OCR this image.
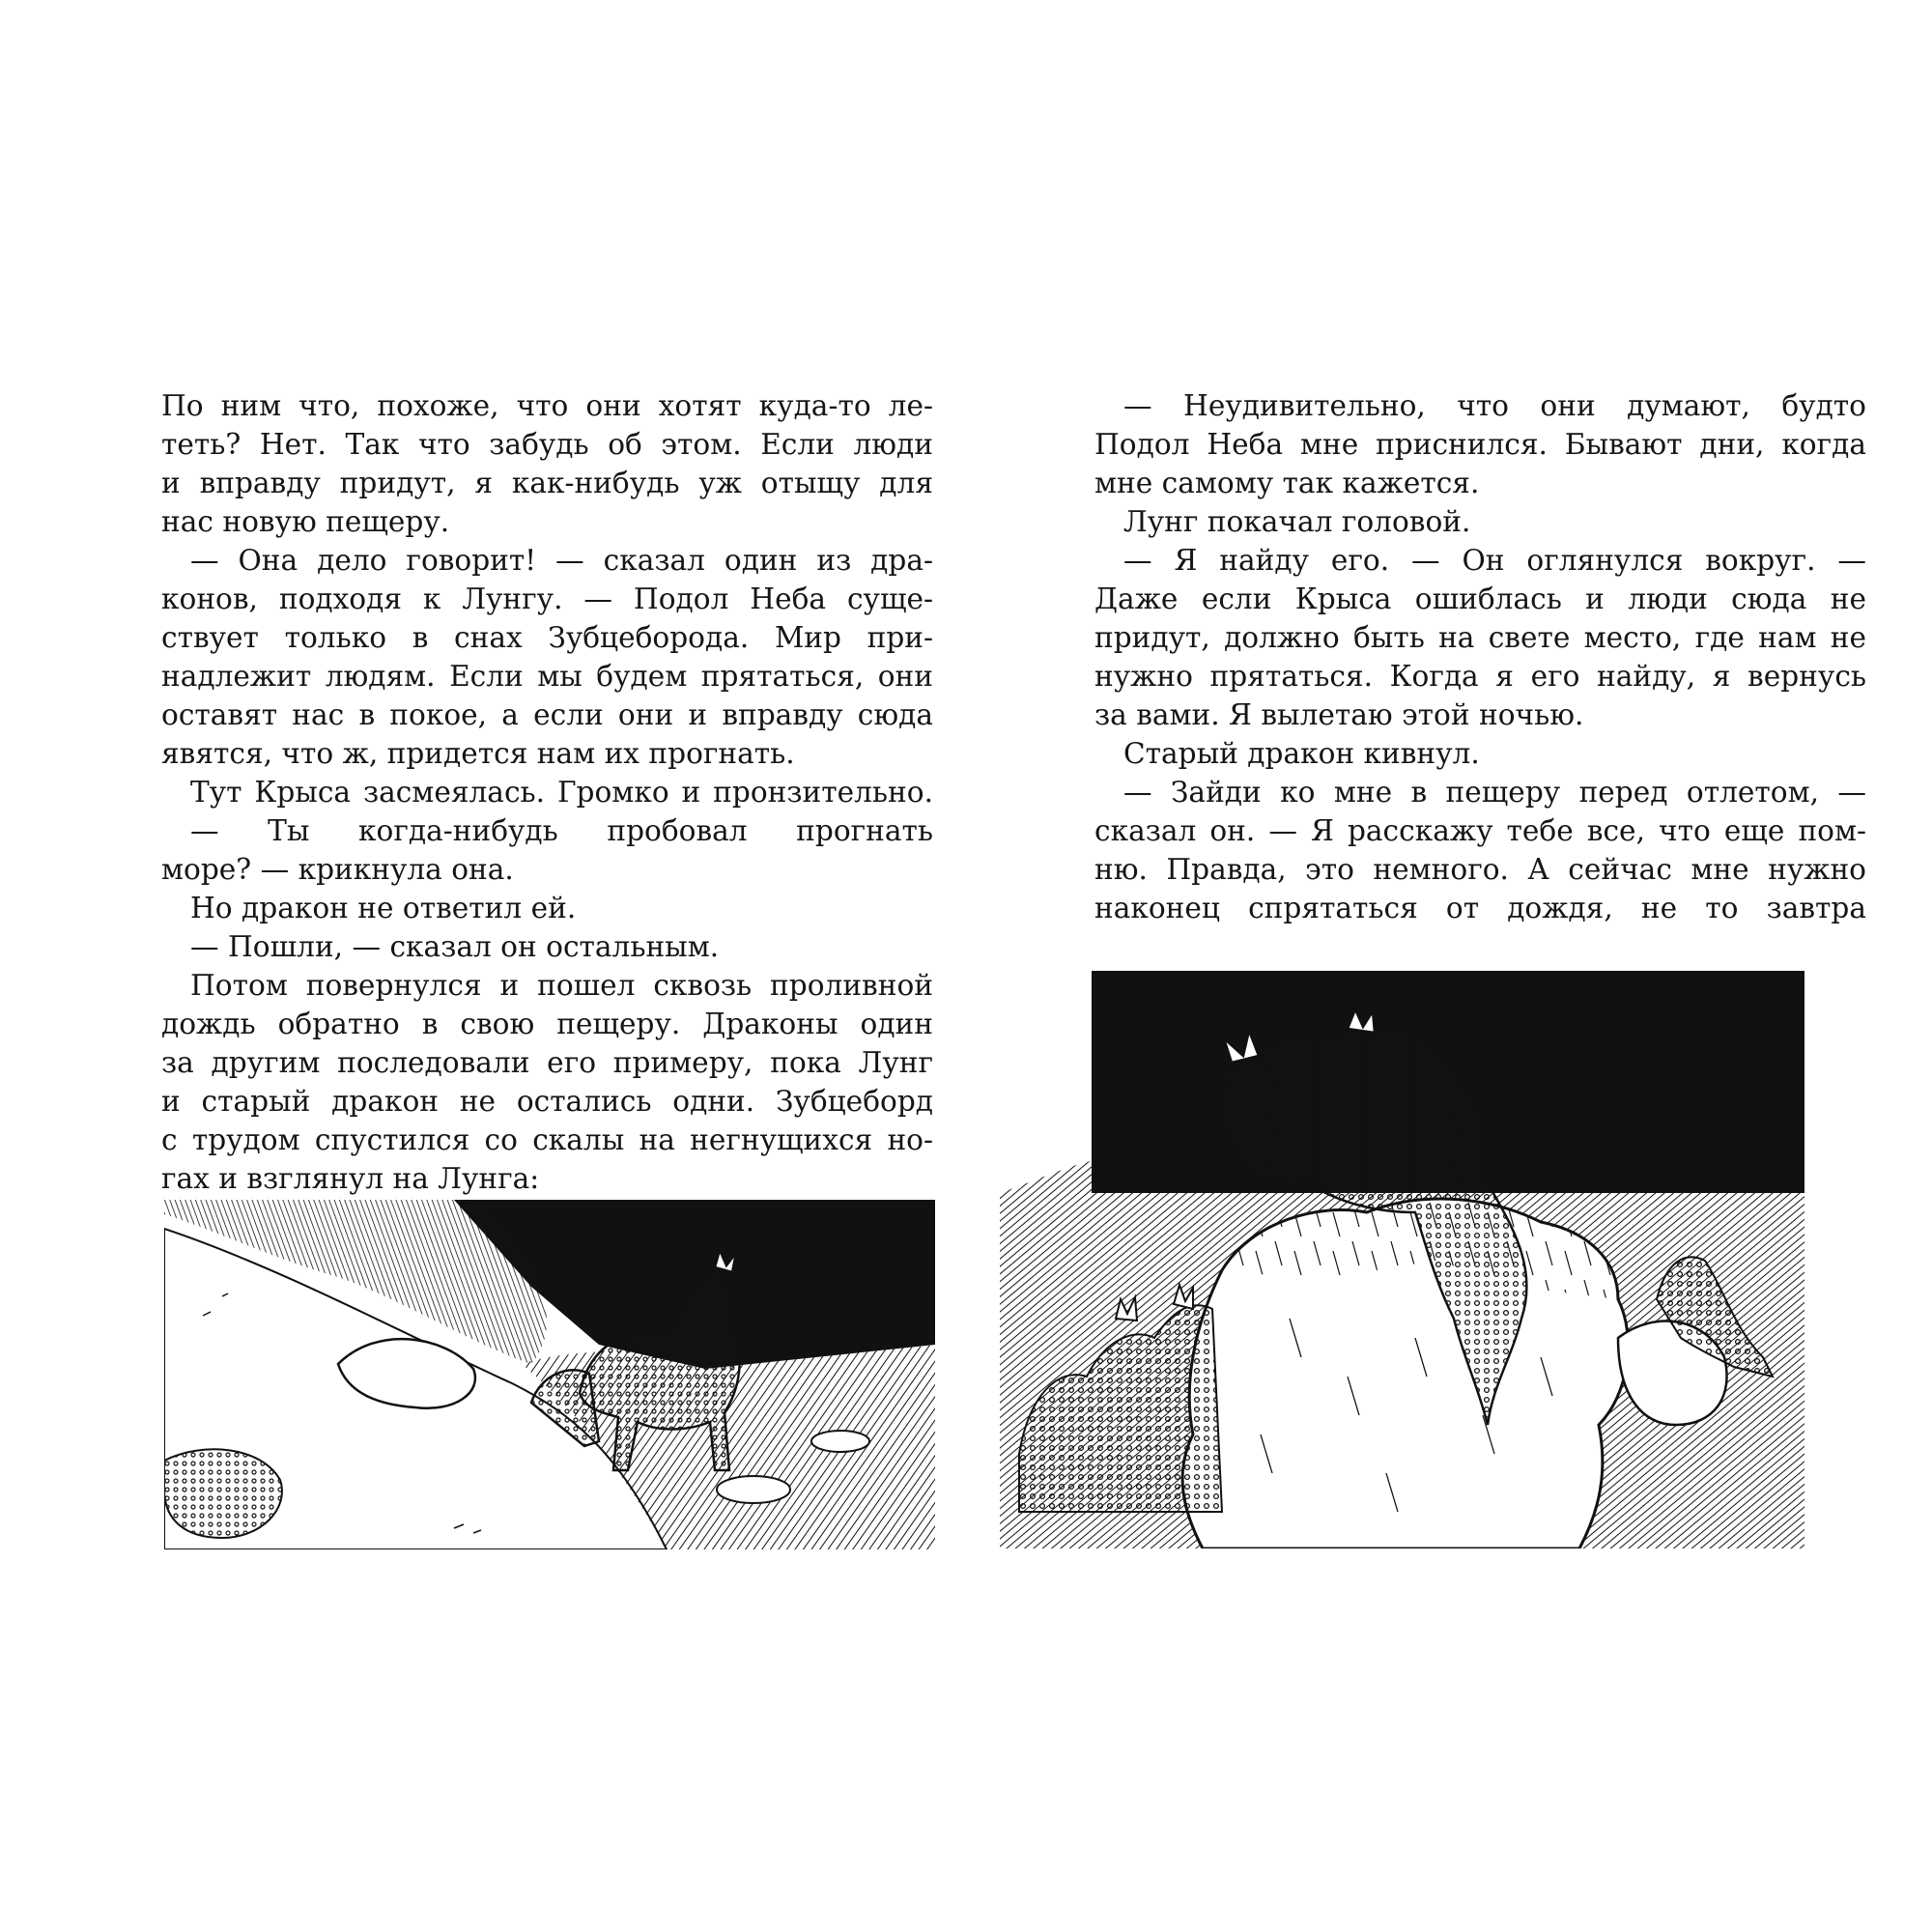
По ним что, похоже, что они хотят куда-то ле-
теть? Нет. Так что забудь об этом. Если люди
и вправду придут, я как-нибудь уж отыщу для
нас новую пещеру.
— Она дело говорит! — сказал один из дра-
конов, подходя к Лунгу. — Подол Неба суще-
ствует только в снах Зубцеборода. Мир при-
надлежит людям. Если мы будем прятаться, они
оставят нас в покое, а если они и вправду сюда
явятся, что ж, придется нам их прогнать.
Тут Крыса засмеялась. Громко и пронзительно.
— Ты когда-нибудь пробовал прогнать
море? — крикнула она.
Но дракон не ответил ей.
— Пошли, — сказал он остальным.
Потом повернулся и пошел сквозь проливной
дождь обратно в свою пещеру. Драконы один
за другим последовали его примеру, пока Лунг
и старый дракон не остались одни. Зубцеборд
с трудом спустился со скалы на негнущихся но-
гах и взглянул на Лунга:
— Неудивительно, что они думают, будто
Подол Неба мне приснился. Бывают дни, когда
мне самому так кажется.
Лунг покачал головой.
— Я найду его. — Он оглянулся вокруг. —
Даже если Крыса ошиблась и люди сюда не
придут, должно быть на свете место, где нам не
нужно прятаться. Когда я его найду, я вернусь
за вами. Я вылетаю этой ночью.
Старый дракон кивнул.
— Зайди ко мне в пещеру перед отлетом, —
сказал он. — Я расскажу тебе все, что еще пом-
ню. Правда, это немного. А сейчас мне нужно
наконец спрятаться от дождя, не то завтра
